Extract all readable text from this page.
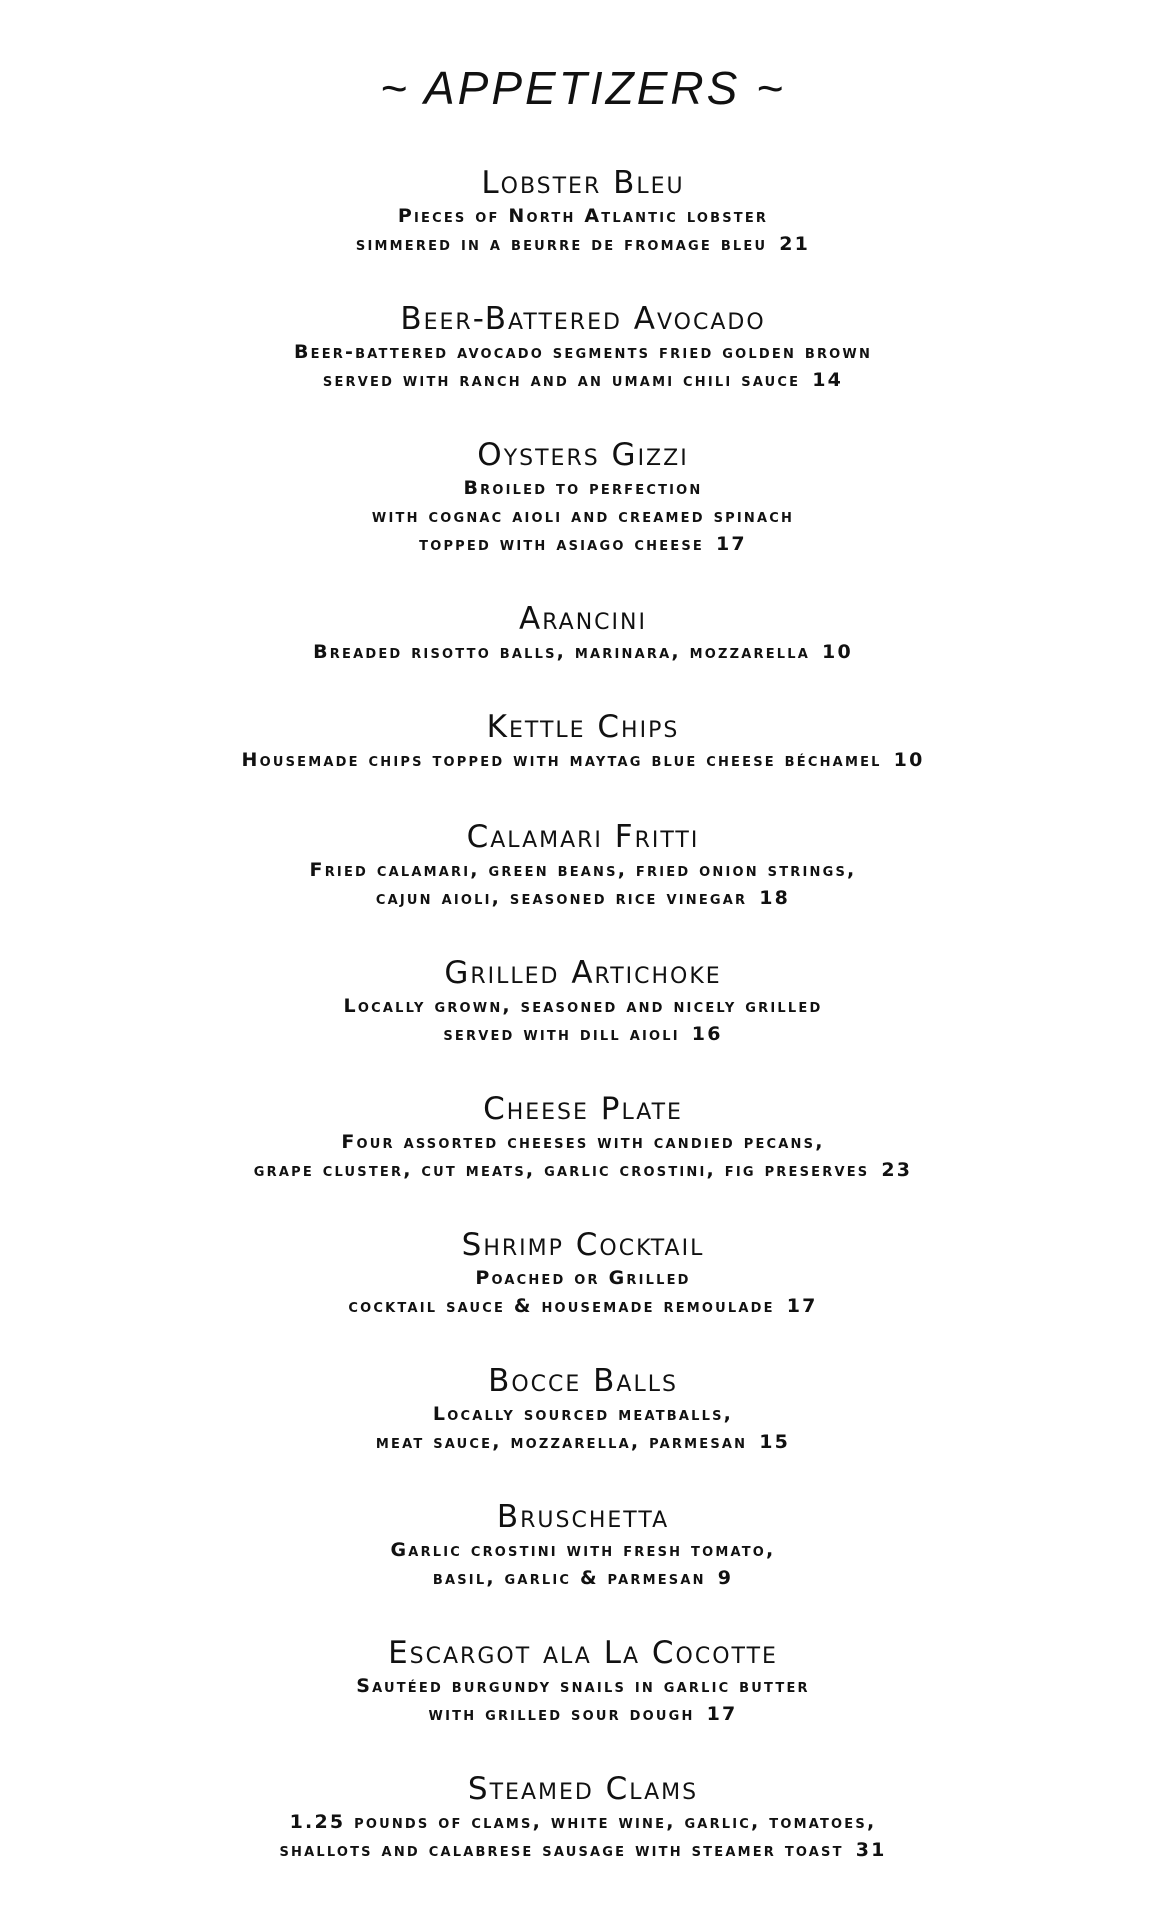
~ APPETIZERS ~
Lobster Bleu

Pieces of North Atlantic lobster

simmered in a beurre de fromage bleu 21

Beer-Battered Avocado

Beer-battered avocado segments fried golden brown

served with ranch and an umami chili sauce 14

Oysters Gizzi

Broiled to perfection

with cognac aioli and creamed spinach

topped with asiago cheese 17

Arancini

Breaded risotto balls, marinara, mozzarella 10

Kettle Chips

Housemade chips topped with maytag blue cheese béchamel 10

Calamari Fritti

Fried calamari, green beans, fried onion strings,

cajun aioli, seasoned rice vinegar 18

Grilled Artichoke

Locally grown, seasoned and nicely grilled

served with dill aioli 16

Cheese Plate

Four assorted cheeses with candied pecans,

grape cluster, cut meats, garlic crostini, fig preserves 23

Shrimp Cocktail

Poached or Grilled

cocktail sauce & housemade remoulade 17

Bocce Balls

Locally sourced meatballs,

meat sauce, mozzarella, parmesan 15

Bruschetta

Garlic crostini with fresh tomato,

basil, garlic & parmesan 9

Escargot ala La Cocotte

Sautéed burgundy snails in garlic butter

with grilled sour dough 17

Steamed Clams

1.25 pounds of clams, white wine, garlic, tomatoes,

shallots and calabrese sausage with steamer toast 31
